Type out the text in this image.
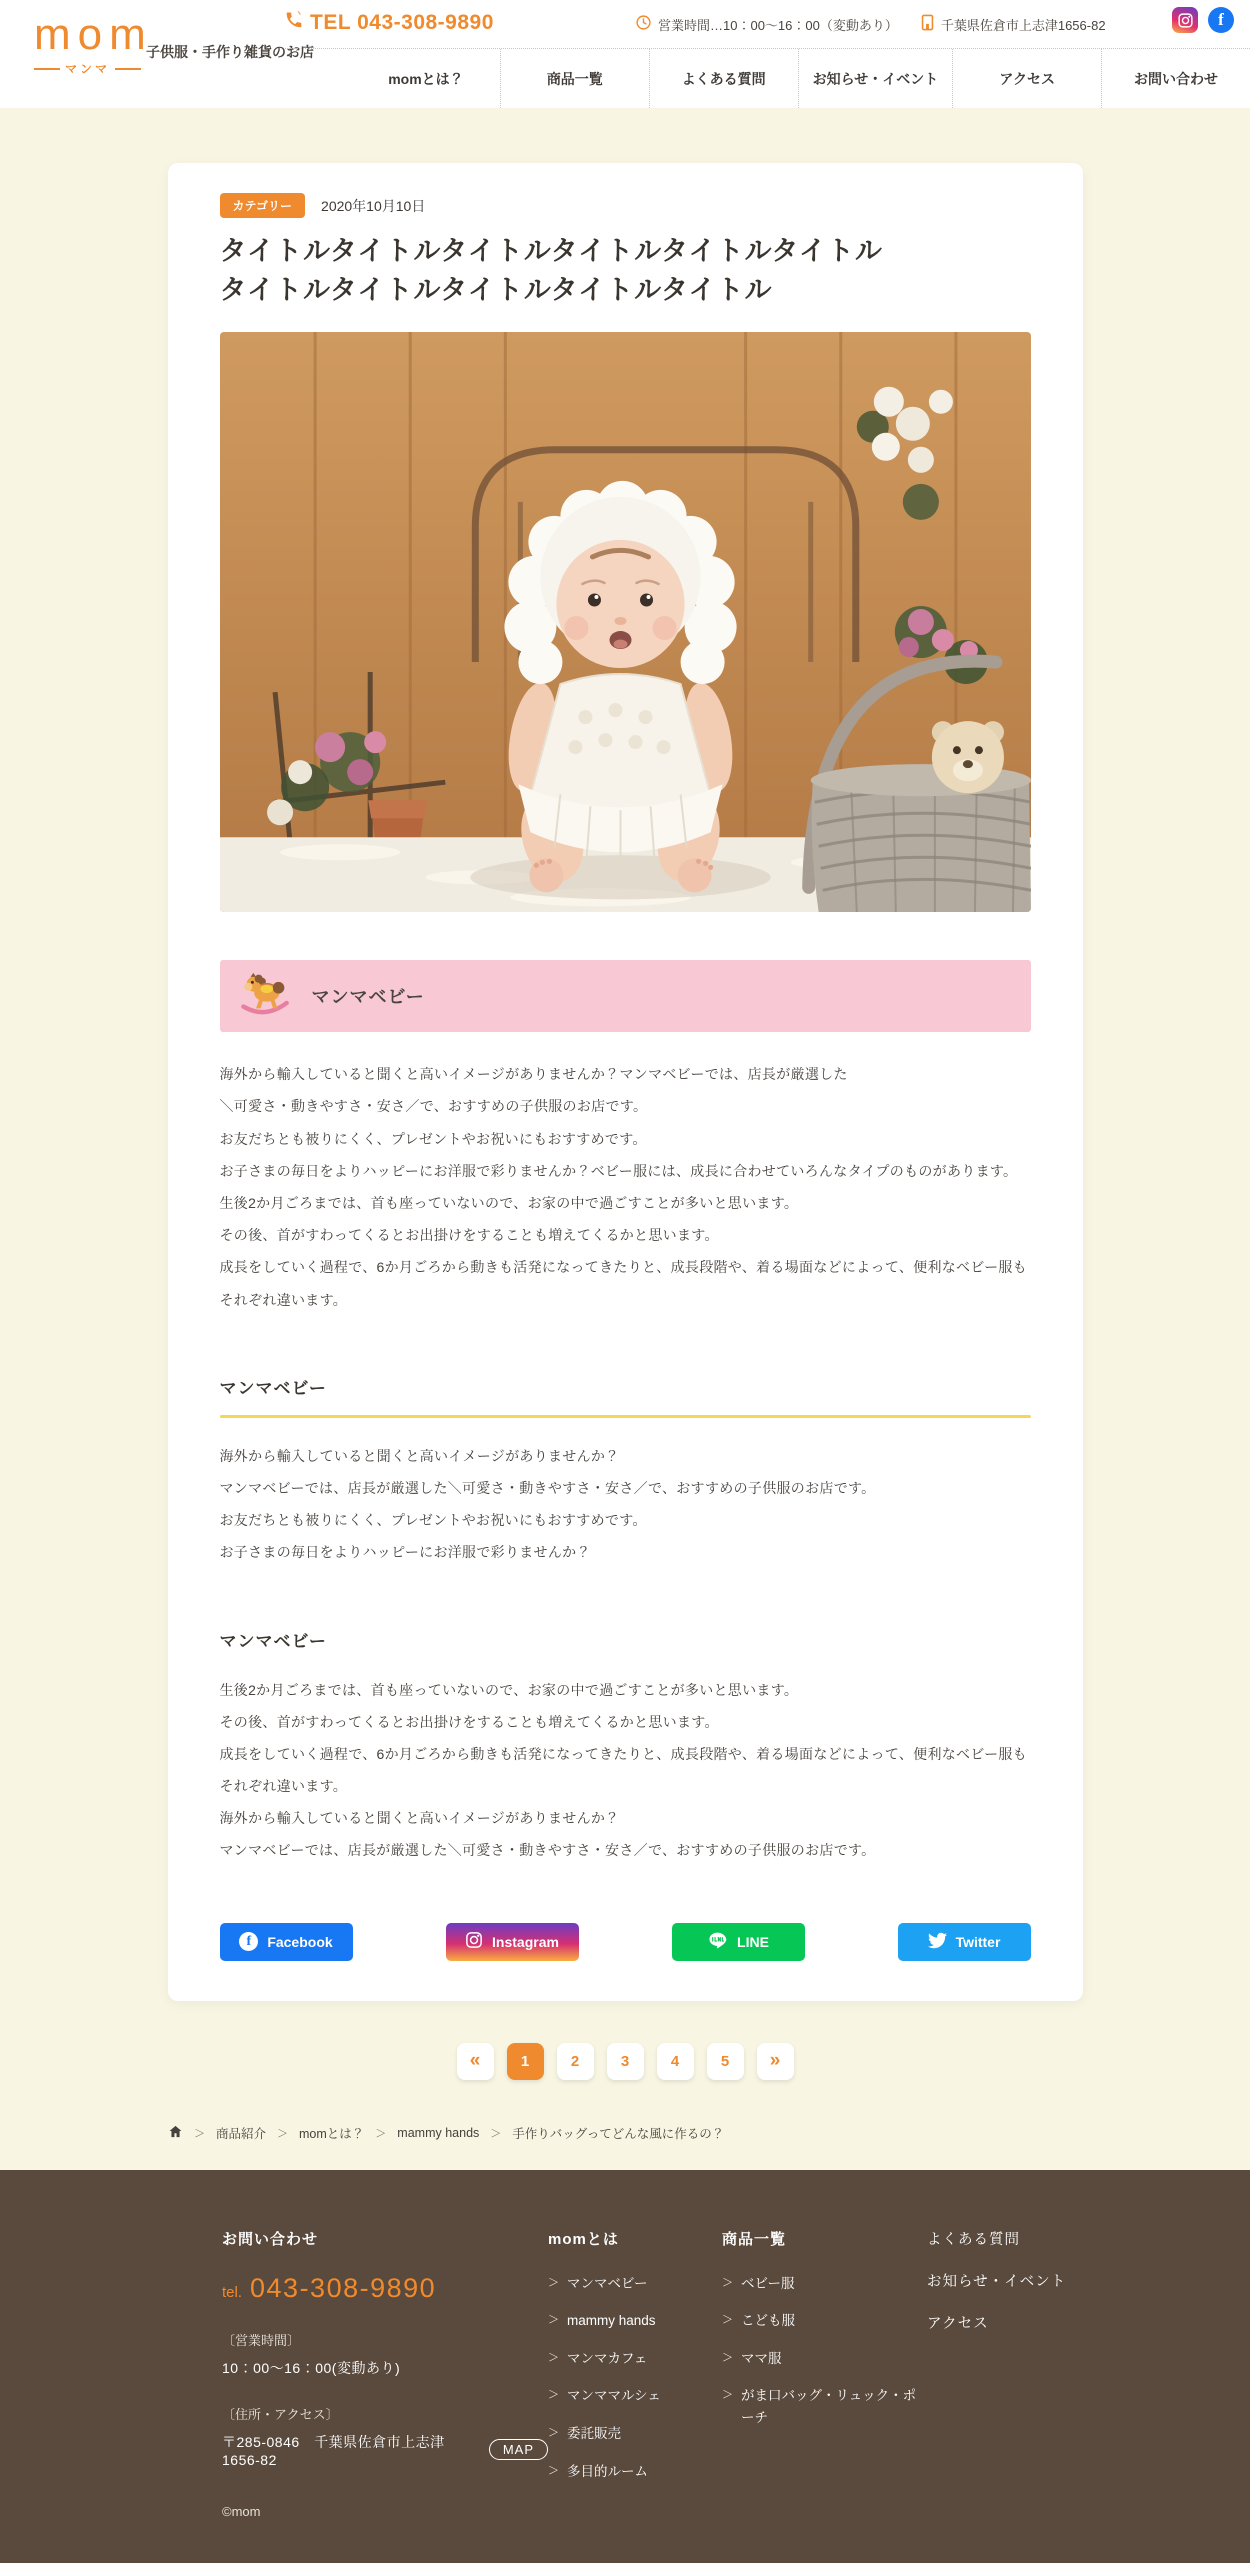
mom
マンマ
子供服・手作り雑貨のお店
TEL 043-308-9890	営業時間…10：00～16：00（変動あり）	千葉県佐倉市上志津1656-82	f
momとは？	商品一覧	よくある質問	お知らせ・イベント	アクセス	お問い合わせ
カテゴリー	2020年10月10日
タイトルタイトルタイトルタイトルタイトルタイトル
タイトルタイトルタイトルタイトルタイトル
マンマベビー

海外から輸入していると聞くと高いイメージがありませんか？マンマベビーでは、店長が厳選した

＼可愛さ・動きやすさ・安さ／で、おすすめの子供服のお店です。

お友だちとも被りにくく、プレゼントやお祝いにもおすすめです。

お子さまの毎日をよりハッピーにお洋服で彩りませんか？ベビー服には、成長に合わせていろんなタイプのものがあります。

生後2か月ごろまでは、首も座っていないので、お家の中で過ごすことが多いと思います。

その後、首がすわってくるとお出掛けをすることも増えてくるかと思います。

成長をしていく過程で、6か月ごろから動きも活発になってきたりと、成長段階や、着る場面などによって、便利なベビー服もそれぞれ違います。

マンマベビー

海外から輸入していると聞くと高いイメージがありませんか？

マンマベビーでは、店長が厳選した＼可愛さ・動きやすさ・安さ／で、おすすめの子供服のお店です。

お友だちとも被りにくく、プレゼントやお祝いにもおすすめです。

お子さまの毎日をよりハッピーにお洋服で彩りませんか？

マンマベビー

生後2か月ごろまでは、首も座っていないので、お家の中で過ごすことが多いと思います。

その後、首がすわってくるとお出掛けをすることも増えてくるかと思います。

成長をしていく過程で、6か月ごろから動きも活発になってきたりと、成長段階や、着る場面などによって、便利なベビー服もそれぞれ違います。

海外から輸入していると聞くと高いイメージがありませんか？

マンマベビーでは、店長が厳選した＼可愛さ・動きやすさ・安さ／で、おすすめの子供服のお店です。

f	Facebook	Instagram	LINE	Twitter
«	1	2	3	4	5	»
＞ 商品紹介 ＞ momとは？ ＞ mammy hands ＞ 手作りバッグってどんな風に作るの？
お問い合わせ
tel. 043-308-9890
〔営業時間〕
10：00～16：00(変動あり)
〔住所・アクセス〕
〒285-0846　千葉県佐倉市上志津1656-82
MAP
©mom
momとは
＞ マンマベビー
＞ mammy hands
＞ マンマカフェ
＞ マンママルシェ
＞ 委託販売
＞ 多目的ルーム
商品一覧
＞ ベビー服
＞ こども服
＞ ママ服
＞ がま口バッグ・リュック・ポーチ
よくある質問
お知らせ・イベント
アクセス
